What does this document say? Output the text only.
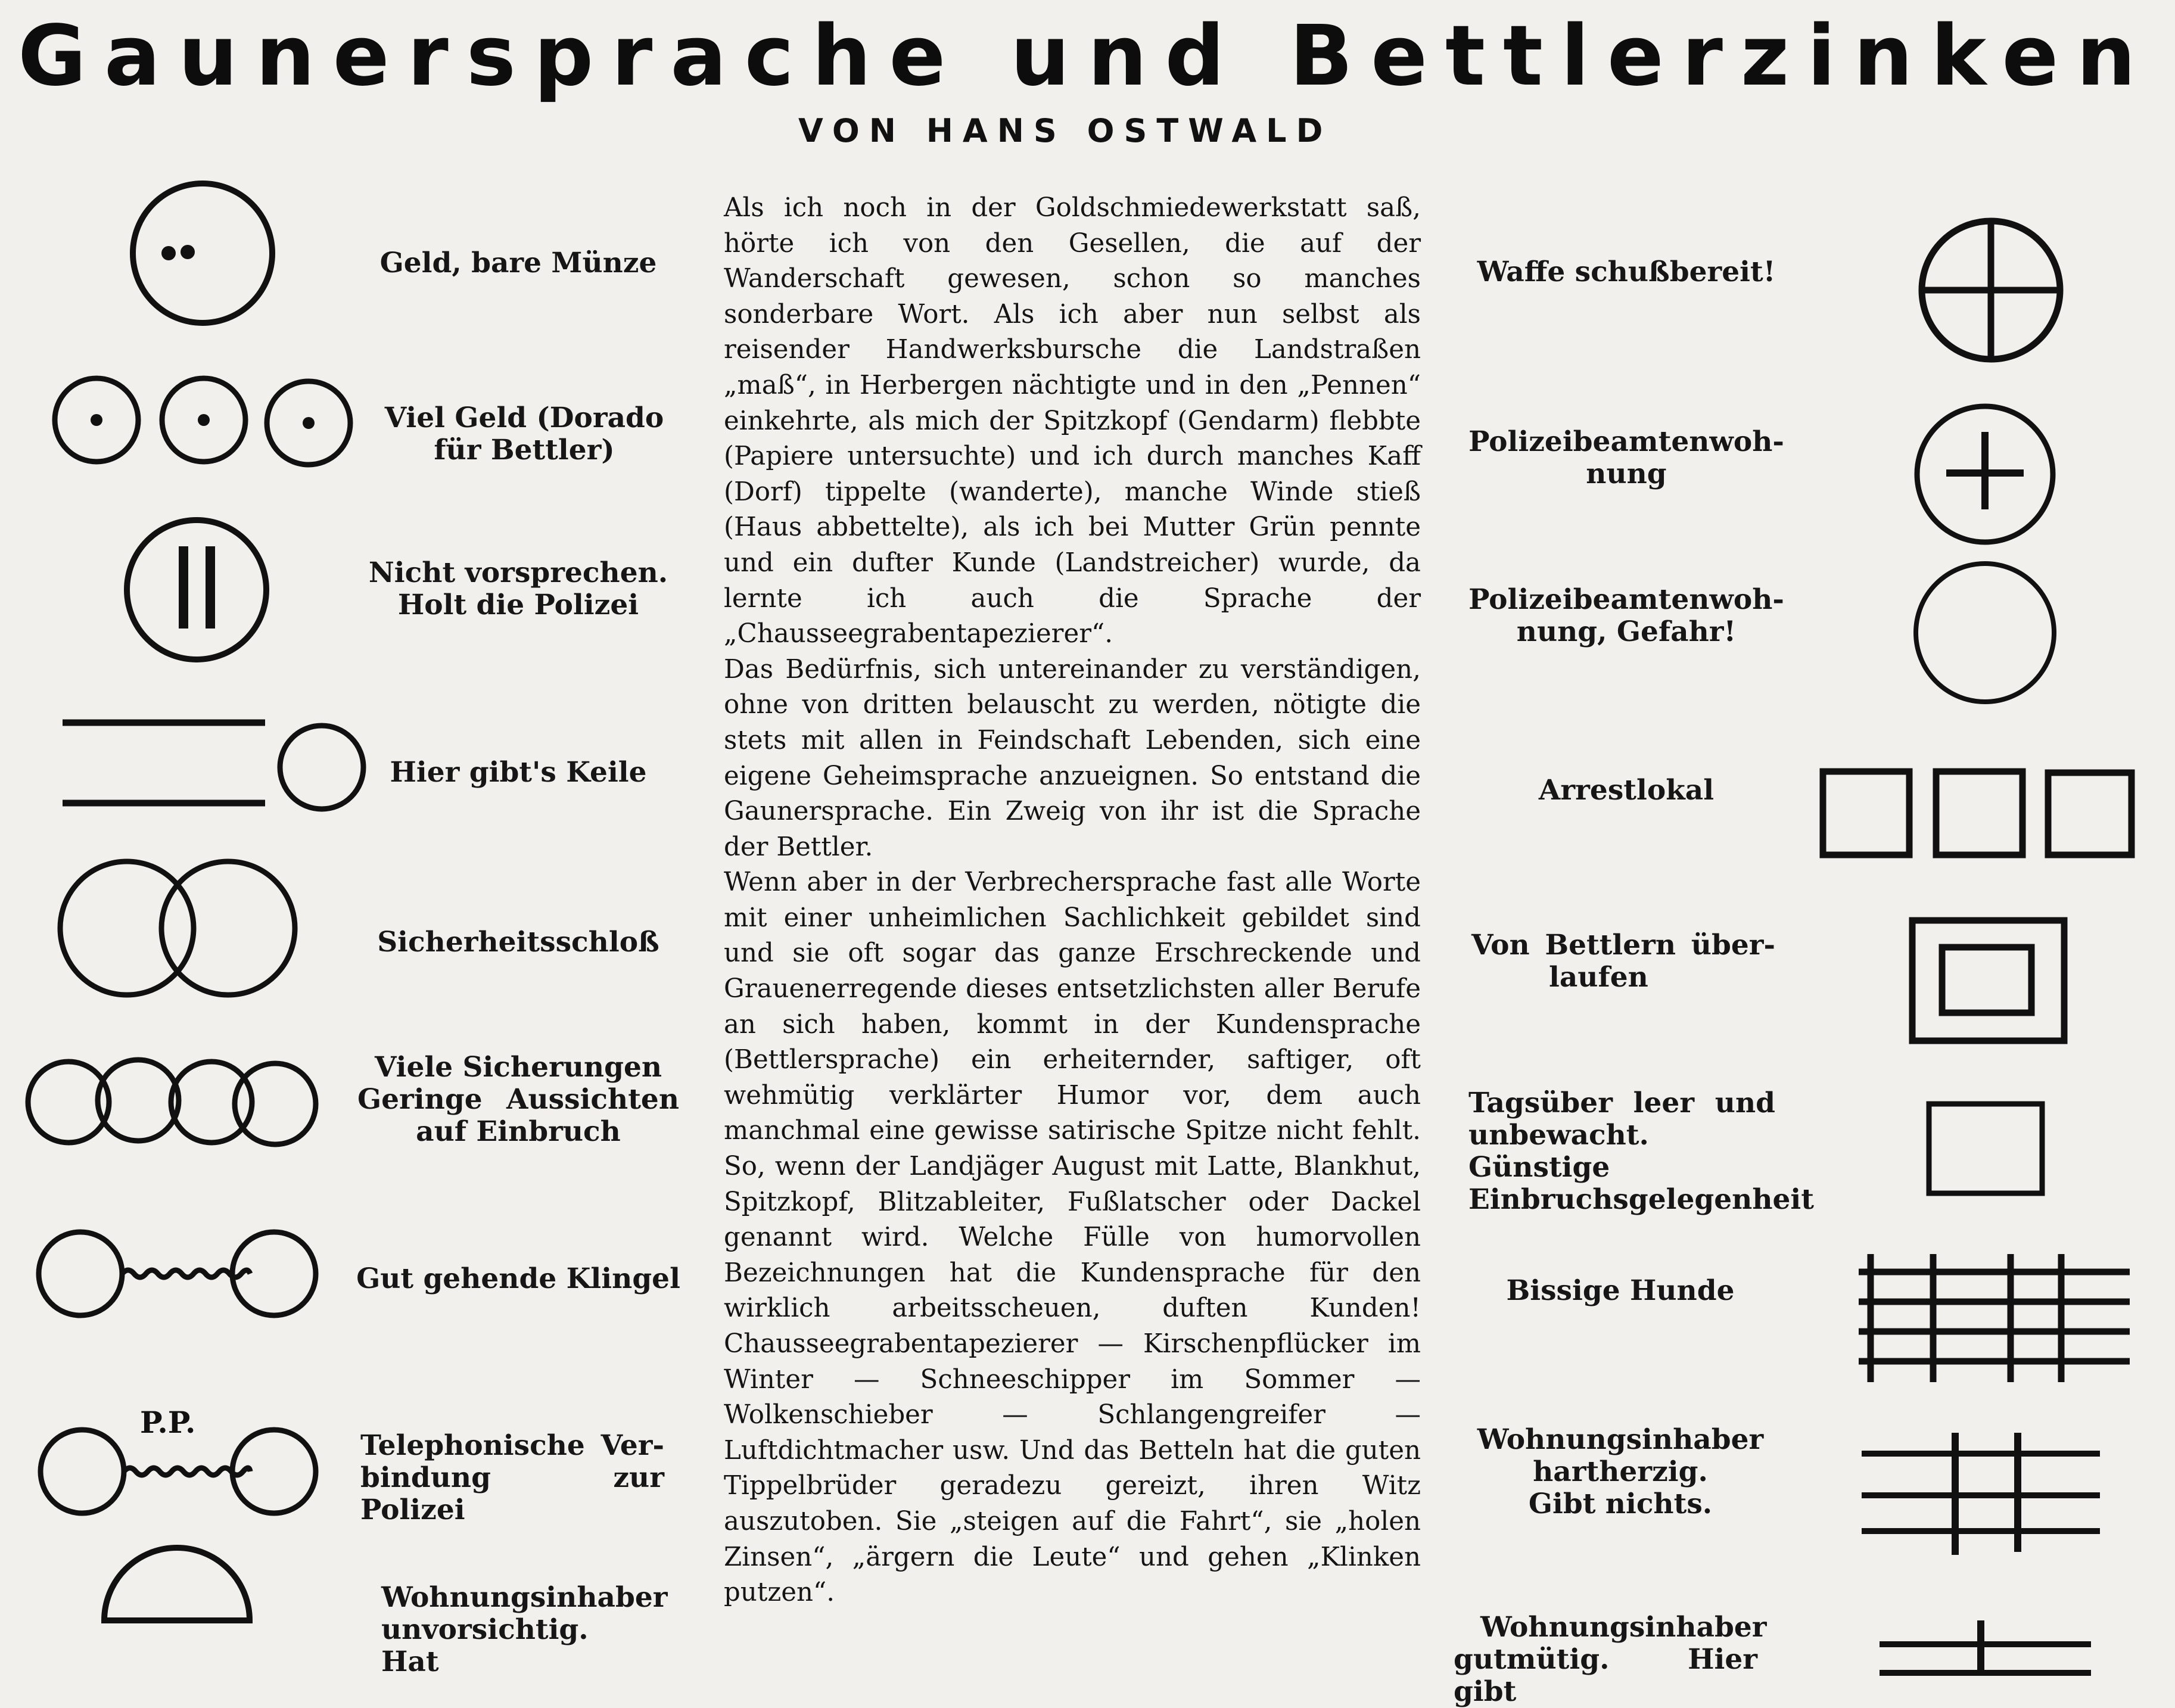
Gaunersprache und Bettlerzinken
VON HANS OSTWALD

Als ich noch in der Goldschmiedewerkstatt saß, hörte ich von den Gesellen, die auf der Wanderschaft gewesen, schon so manches sonderbare Wort. Als ich aber nun selbst als reisender Handwerksbursche die Landstraßen „maß“, in Herbergen nächtigte und in den „Pennen“ einkehrte, als mich der Spitzkopf (Gendarm) flebbte (Papiere untersuchte) und ich durch manches Kaff (Dorf) tippelte (wanderte), manche Winde stieß (Haus abbettelte), als ich bei Mutter Grün pennte und ein dufter Kunde (Landstreicher) wurde, da lernte ich auch die Sprache der „Chausseegrabentapezierer“.

Das Bedürfnis, sich untereinander zu verständigen, ohne von dritten belauscht zu werden, nötigte die stets mit allen in Feindschaft Lebenden, sich eine eigene Geheimsprache anzueignen. So entstand die Gaunersprache. Ein Zweig von ihr ist die Sprache der Bettler.

Wenn aber in der Verbrechersprache fast alle Worte mit einer unheimlichen Sachlichkeit gebildet sind und sie oft sogar das ganze Erschreckende und Grauenerregende dieses entsetzlichsten aller Berufe an sich haben, kommt in der Kundensprache (Bettlersprache) ein erheiternder, saftiger, oft wehmütig verklärter Humor vor, dem auch manchmal eine gewisse satirische Spitze nicht fehlt. So, wenn der Landjäger August mit Latte, Blankhut, Spitzkopf, Blitzableiter, Fußlatscher oder Dackel genannt wird. Welche Fülle von humorvollen Bezeichnungen hat die Kundensprache für den wirklich arbeitsscheuen, duften Kunden! Chausseegrabentapezierer — Kirschenpflücker im Winter — Schneeschipper im Sommer — Wolkenschieber — Schlangengreifer — Luftdichtmacher usw. Und das Betteln hat die guten Tippelbrüder geradezu gereizt, ihren Witz auszutoben. Sie „steigen auf die Fahrt“, sie „holen Zinsen“, „ärgern die Leute“ und gehen „Klinken putzen“.

P.P.
Geld, bare Münze
Viel Geld (Dorado
für Bettler)
Nicht vorsprechen.
Holt die Polizei
Hier gibt's Keile
Sicherheitsschloß
Viele Sicherungen
Geringe Aussichten
auf Einbruch
Gut gehende Klingel
Telephonische Ver-
bindung zur Polizei
Wohnungsinhaber
unvorsichtig. Hat
Waffe schußbereit!
Polizeibeamtenwoh-
nung
Polizeibeamtenwoh-
nung, Gefahr!
Arrestlokal
Von Bettlern über-
laufen
Tagsüber leer und
unbewacht. Günstige
Einbruchsgelegenheit
Bissige Hunde
Wohnungsinhaber
hartherzig.
Gibt nichts.
Wohnungsinhaber
gutmütig. Hier gibt
